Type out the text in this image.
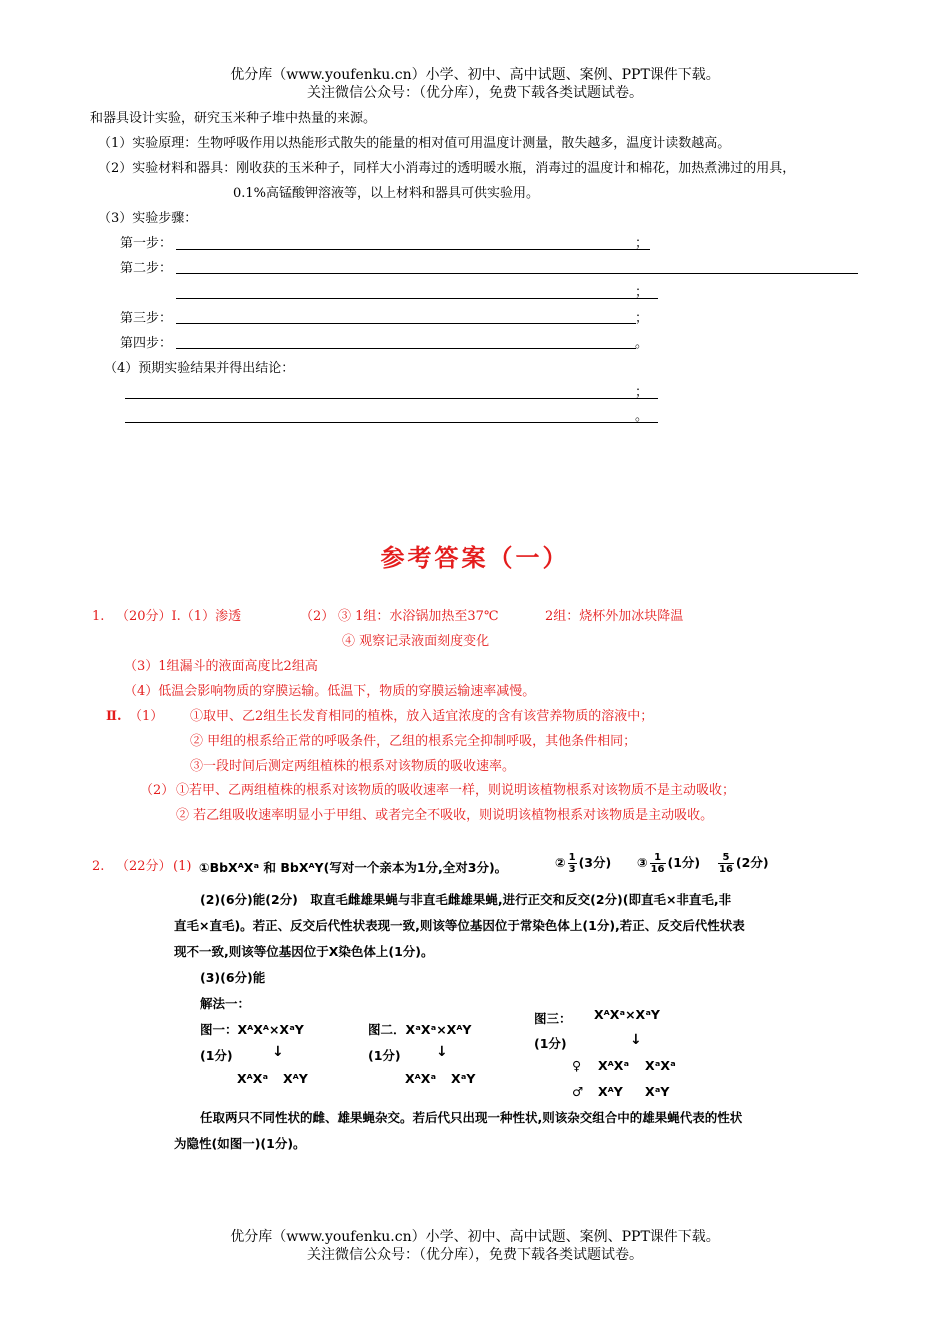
优分库（www.youfenku.cn）小学、初中、高中试题、案例、PPT课件下载。
关注微信公众号：（优分库），免费下载各类试题试卷。
和器具设计实验，研究玉米种子堆中热量的来源。
（1）实验原理：生物呼吸作用以热能形式散失的能量的相对值可用温度计测量，散失越多，温度计读数越高。
（2）实验材料和器具：刚收获的玉米种子，同样大小消毒过的透明暖水瓶，消毒过的温度计和棉花，加热煮沸过的用具，
0.1%高锰酸钾溶液等，以上材料和器具可供实验用。
（3）实验步骤：
第一步：	；
第二步：
；
第三步：	；
第四步：	。
（4）预期实验结果并得出结论：
；
。
参考答案（一）
1. （20分）Ⅰ.（1）渗透	（2） ③ 1组：水浴锅加热至37℃	2组：烧杯外加冰块降温
④ 观察记录液面刻度变化
（3）1组漏斗的液面高度比2组高
（4）低温会影响物质的穿膜运输。低温下，物质的穿膜运输速率减慢。
Ⅱ. （1） ①取甲、乙2组生长发育相同的植株，放入适宜浓度的含有该营养物质的溶液中；
② 甲组的根系给正常的呼吸条件，乙组的根系完全抑制呼吸，其他条件相同；
③一段时间后测定两组植株的根系对该物质的吸收速率。
（2） ①若甲、乙两组植株的根系对该物质的吸收速率一样，则说明该植物根系对该物质不是主动吸收；
② 若乙组吸收速率明显小于甲组、或者完全不吸收，则说明该植物根系对该物质是主动吸收。
2. （22分） (1) ①BbXᴬXᵃ 和 BbXᴬY(写对一个亲本为1分,全对3分)。	② $\frac{1}{3} (3$分) ③ $\frac{1}{16} (1$分) $\frac{5}{16} (2$分)
(2)(6分)能(2分)　取直毛雌雄果蝇与非直毛雌雄果蝇,进行正交和反交(2分)(即直毛×非直毛,非
直毛×直毛)。若正、反交后代性状表现一致,则该等位基因位于常染色体上(1分),若正、反交后代性状表
现不一致,则该等位基因位于X染色体上(1分)。
(3)(6分)能
解法一：
图一：XᴬXᴬ×XᵃY
(1分)	↓
XᴬXᵃ XᴬY
图二．XᵃXᵃ×XᴬY
(1分)	↓
XᴬXᵃ XᵃY
图三： XᴬXᵃ×XᵃY
(1分)	↓
♀ XᴬXᵃ XᵃXᵃ
♂ XᴬY XᵃY
任取两只不同性状的雌、雄果蝇杂交。若后代只出现一种性状,则该杂交组合中的雄果蝇代表的性状
为隐性(如图一)(1分)。
优分库（www.youfenku.cn）小学、初中、高中试题、案例、PPT课件下载。
关注微信公众号：（优分库），免费下载各类试题试卷。
